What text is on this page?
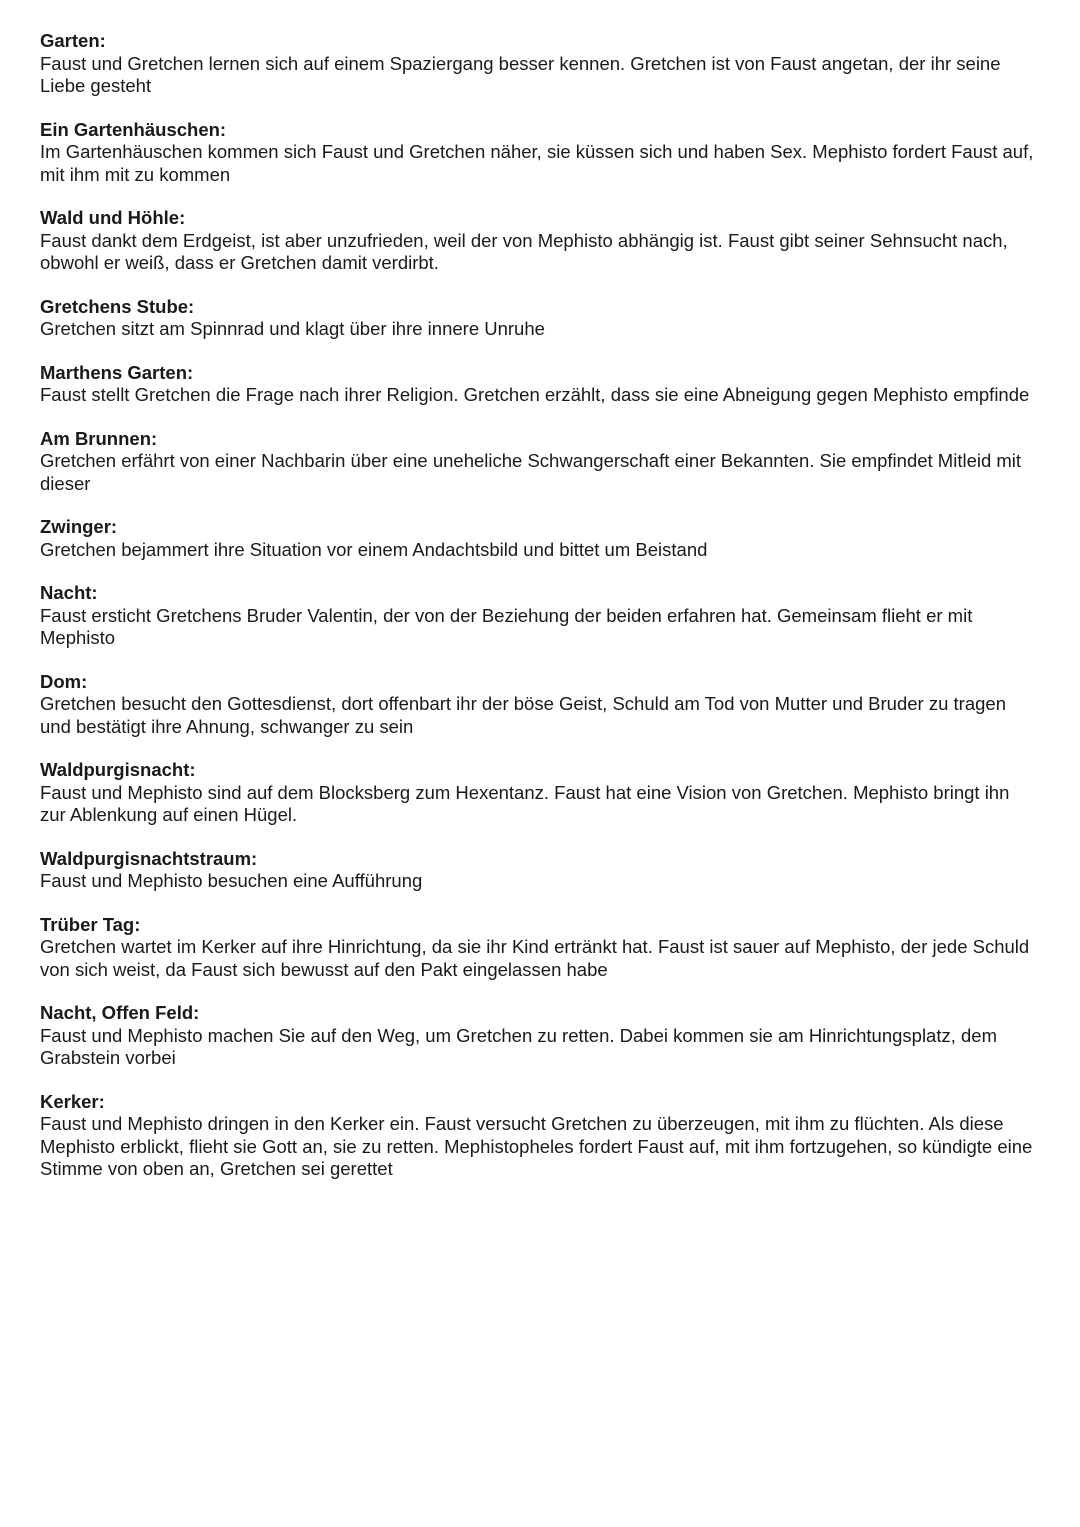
Garten:

Faust und Gretchen lernen sich auf einem Spaziergang besser kennen. Gretchen ist von Faust angetan, der ihr seine Liebe gesteht

Ein Gartenhäuschen:

Im Gartenhäuschen kommen sich Faust und Gretchen näher, sie küssen sich und haben Sex. Mephisto fordert Faust auf, mit ihm mit zu kommen

Wald und Höhle:

Faust dankt dem Erdgeist, ist aber unzufrieden, weil der von Mephisto abhängig ist. Faust gibt seiner Sehnsucht nach, obwohl er weiß, dass er Gretchen damit verdirbt.

Gretchens Stube:

Gretchen sitzt am Spinnrad und klagt über ihre innere Unruhe

Marthens Garten:

Faust stellt Gretchen die Frage nach ihrer Religion. Gretchen erzählt, dass sie eine Abneigung gegen Mephisto empfinde

Am Brunnen:

Gretchen erfährt von einer Nachbarin über eine uneheliche Schwangerschaft einer Bekannten. Sie empfindet Mitleid mit dieser

Zwinger:

Gretchen bejammert ihre Situation vor einem Andachtsbild und bittet um Beistand

Nacht:

Faust ersticht Gretchens Bruder Valentin, der von der Beziehung der beiden erfahren hat. Gemeinsam flieht er mit Mephisto

Dom:

Gretchen besucht den Gottesdienst, dort offenbart ihr der böse Geist, Schuld am Tod von Mutter und Bruder zu tragen und bestätigt ihre Ahnung, schwanger zu sein

Waldpurgisnacht:

Faust und Mephisto sind auf dem Blocksberg zum Hexentanz. Faust hat eine Vision von Gretchen. Mephisto bringt ihn zur Ablenkung auf einen Hügel.

Waldpurgisnachtstraum:

Faust und Mephisto besuchen eine Aufführung

Trüber Tag:

Gretchen wartet im Kerker auf ihre Hinrichtung, da sie ihr Kind ertränkt hat. Faust ist sauer auf Mephisto, der jede Schuld von sich weist, da Faust sich bewusst auf den Pakt eingelassen habe

Nacht, Offen Feld:

Faust und Mephisto machen Sie auf den Weg, um Gretchen zu retten. Dabei kommen sie am Hinrichtungsplatz, dem Grabstein vorbei

Kerker:

Faust und Mephisto dringen in den Kerker ein. Faust versucht Gretchen zu überzeugen, mit ihm zu flüchten. Als diese Mephisto erblickt, flieht sie Gott an, sie zu retten. Mephistopheles fordert Faust auf, mit ihm fortzugehen, so kündigte eine Stimme von oben an, Gretchen sei gerettet
